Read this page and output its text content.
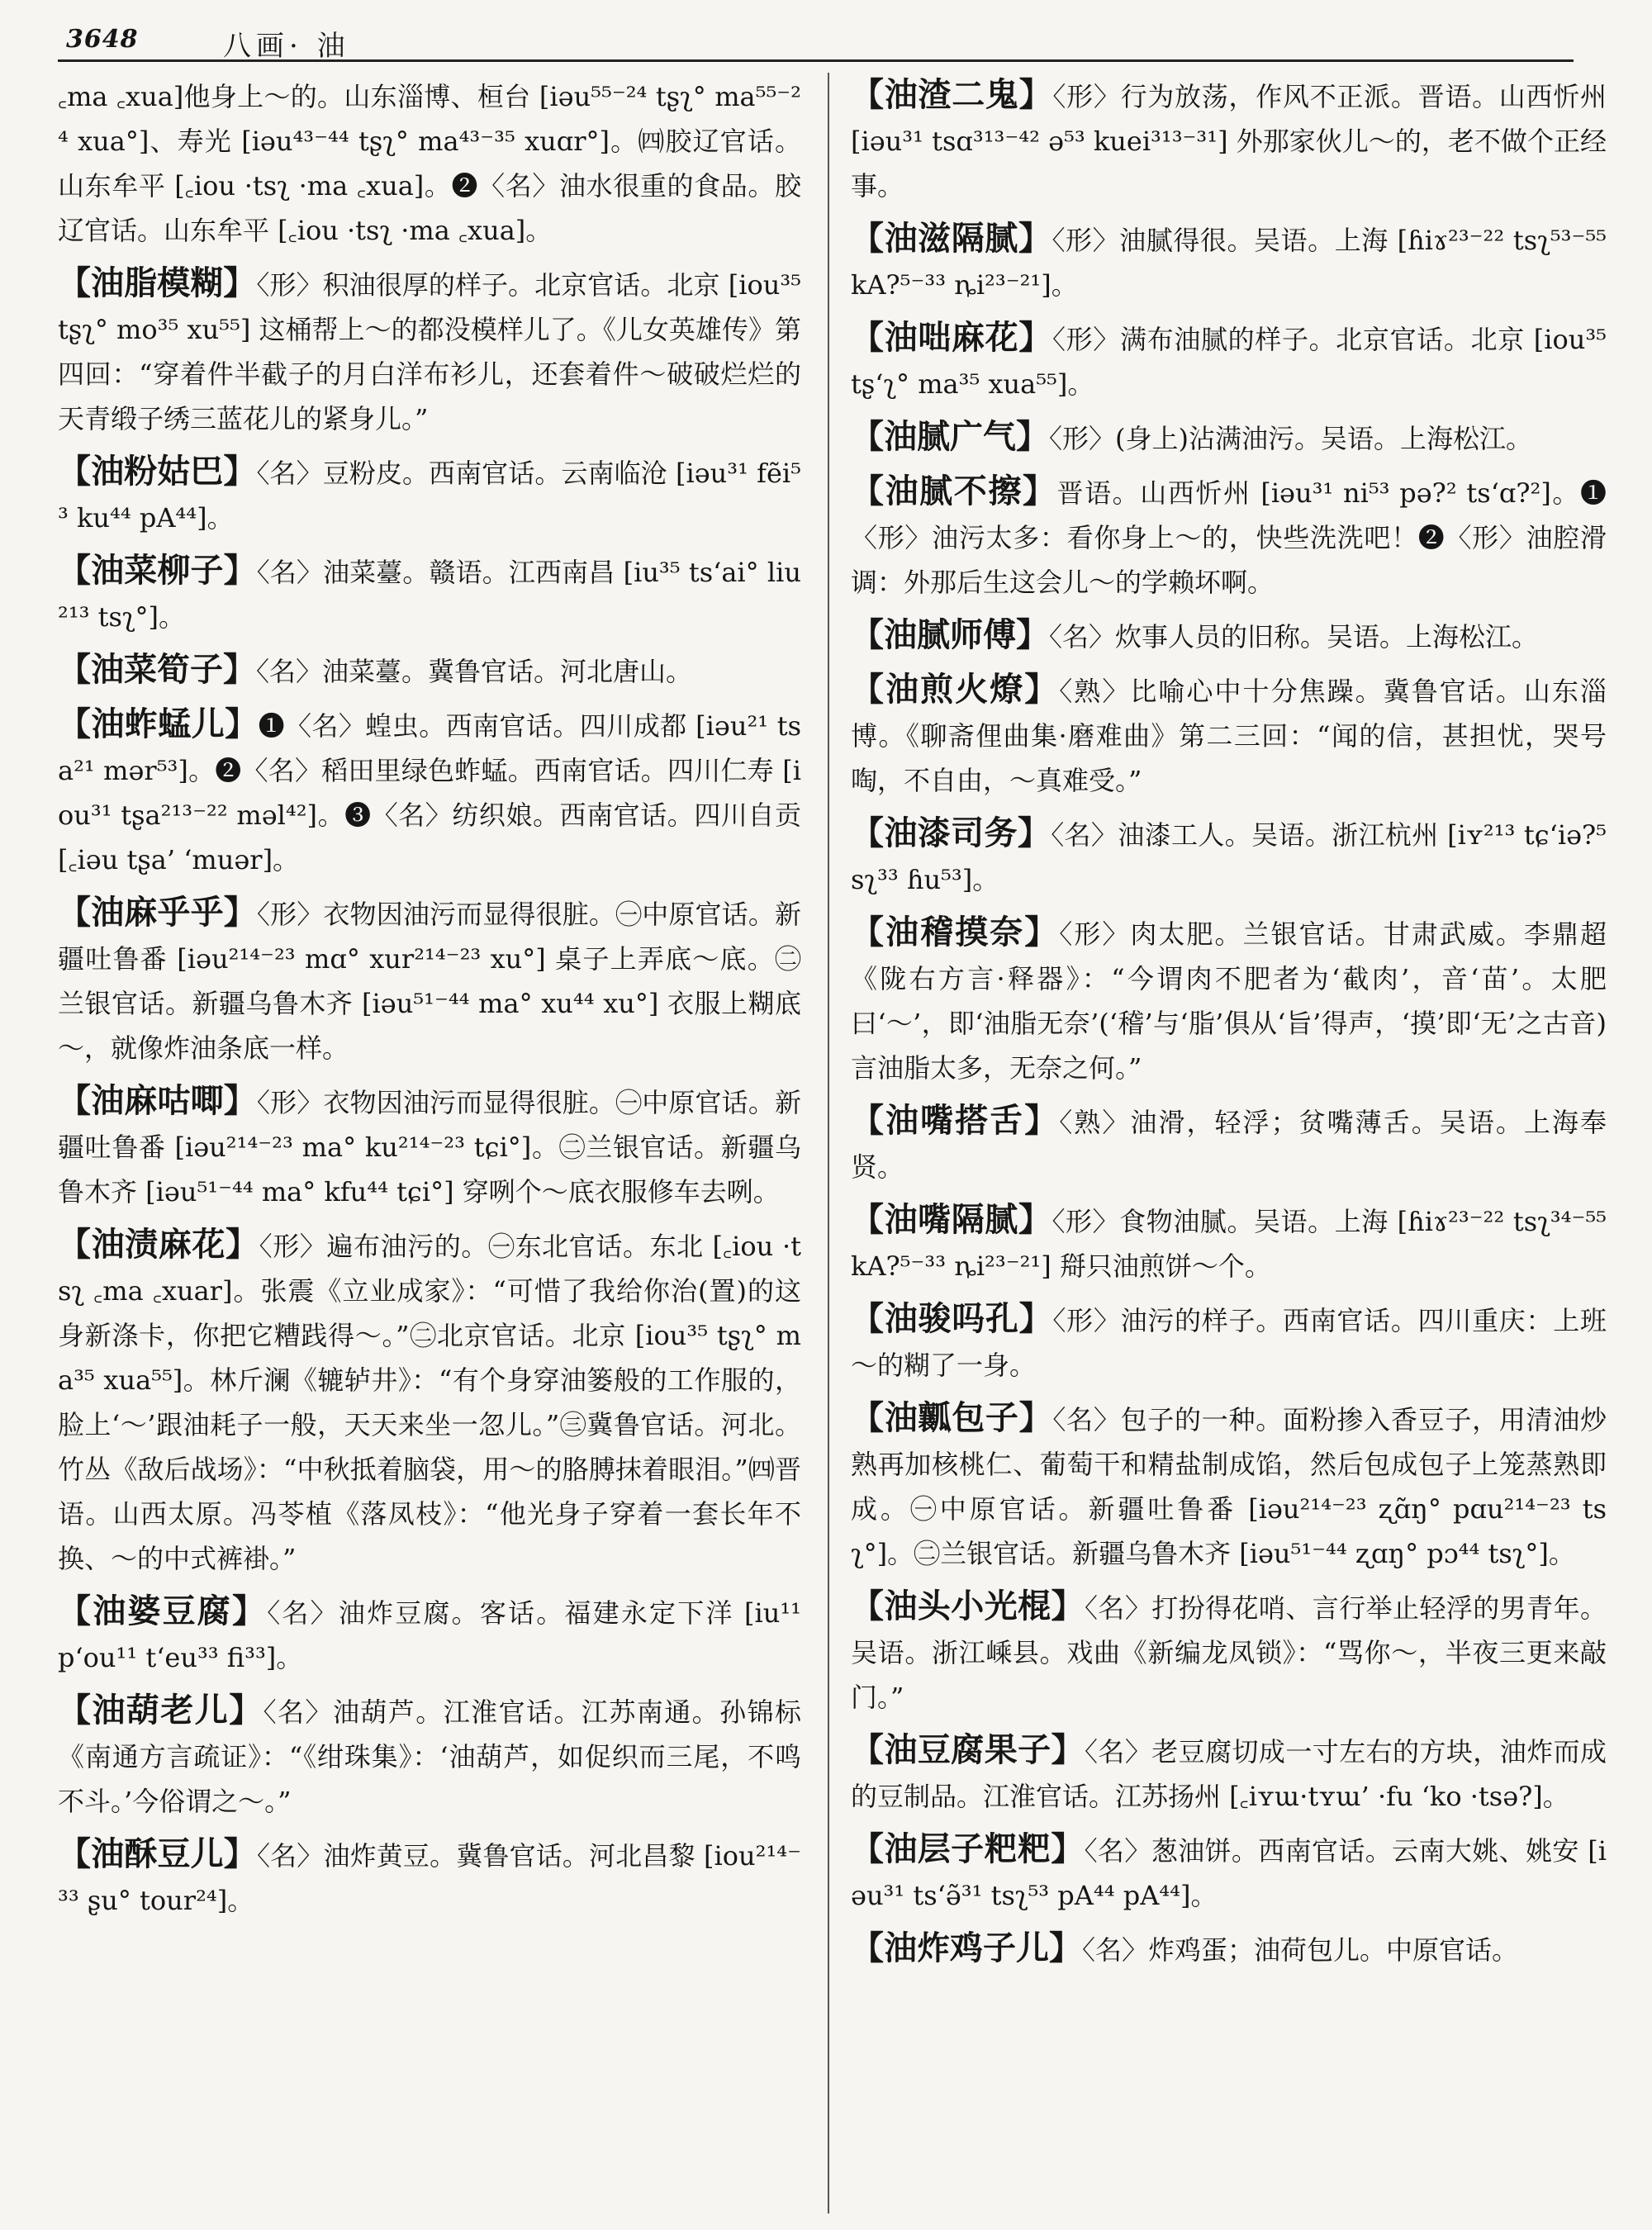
3648	八画· 油

꜀ma ꜀xua]他身上～的。山东淄博、桓台 [iəu⁵⁵⁻²⁴ tʂʅ° ma⁵⁵⁻²⁴ xua°]、寿光 [iəu⁴³⁻⁴⁴ tʂʅ° ma⁴³⁻³⁵ xuɑr°]。㈣胶辽官话。山东牟平 [꜀iou ·tsʅ ·ma ꜀xua]。❷〈名〉油水很重的食品。胶辽官话。山东牟平 [꜀iou ·tsʅ ·ma ꜀xua]。

【油脂模糊】〈形〉积油很厚的样子。北京官话。北京 [iou³⁵ tʂʅ° mo³⁵ xu⁵⁵] 这桶帮上～的都没模样儿了。《儿女英雄传》第四回：“穿着件半截子的月白洋布衫儿，还套着件～破破烂烂的天青缎子绣三蓝花儿的紧身儿。”

【油粉姑巴】〈名〉豆粉皮。西南官话。云南临沧 [iəu³¹ fẽi⁵³ ku⁴⁴ pA⁴⁴]。

【油菜柳子】〈名〉油菜薹。赣语。江西南昌 [iu³⁵ ts‘ai° liu²¹³ tsʅ°]。

【油菜筍子】〈名〉油菜薹。冀鲁官话。河北唐山。

【油蚱蜢儿】❶〈名〉蝗虫。西南官话。四川成都 [iəu²¹ tsa²¹ mər⁵³]。❷〈名〉稻田里绿色蚱蜢。西南官话。四川仁寿 [iou³¹ tʂa²¹³⁻²² məl⁴²]。❸〈名〉纺织娘。西南官话。四川自贡 [꜀iəu tʂa’ ‘muər]。

【油麻乎乎】〈形〉衣物因油污而显得很脏。㊀中原官话。新疆吐鲁番 [iəu²¹⁴⁻²³ mɑ° xur²¹⁴⁻²³ xu°] 桌子上弄底～底。㊁兰银官话。新疆乌鲁木齐 [iəu⁵¹⁻⁴⁴ ma° xu⁴⁴ xu°] 衣服上糊底～，就像炸油条底一样。

【油麻咕唧】〈形〉衣物因油污而显得很脏。㊀中原官话。新疆吐鲁番 [iəu²¹⁴⁻²³ ma° ku²¹⁴⁻²³ tɕi°]。㊁兰银官话。新疆乌鲁木齐 [iəu⁵¹⁻⁴⁴ ma° kfu⁴⁴ tɕi°] 穿咧个～底衣服修车去咧。

【油渍麻花】〈形〉遍布油污的。㊀东北官话。东北 [꜀iou ·tsʅ ꜀ma ꜀xuar]。张震《立业成家》：“可惜了我给你治(置)的这身新涤卡，你把它糟践得～。”㊁北京官话。北京 [iou³⁵ tʂʅ° ma³⁵ xua⁵⁵]。林斤澜《辘轳井》：“有个身穿油篓般的工作服的，脸上‘～’跟油耗子一般，天天来坐一忽儿。”㊂冀鲁官话。河北。竹丛《敌后战场》：“中秋抵着脑袋，用～的胳膊抹着眼泪。”㈣晋语。山西太原。冯苓植《落凤枝》：“他光身子穿着一套长年不换、～的中式裤褂。”

【油婆豆腐】〈名〉油炸豆腐。客话。福建永定下洋 [iu¹¹ p‘ou¹¹ t‘eu³³ fi³³]。

【油葫老儿】〈名〉油葫芦。江淮官话。江苏南通。孙锦标《南通方言疏证》：“《绀珠集》：‘油葫芦，如促织而三尾，不鸣不斗。’今俗谓之～。”

【油酥豆儿】〈名〉油炸黄豆。冀鲁官话。河北昌黎 [iou²¹⁴⁻³³ ʂu° tour²⁴]。

【油渣二鬼】〈形〉行为放荡，作风不正派。晋语。山西忻州 [iəu³¹ tsɑ³¹³⁻⁴² ə⁵³ kuei³¹³⁻³¹] 外那家伙儿～的，老不做个正经事。

【油滋隔腻】〈形〉油腻得很。吴语。上海 [ɦiɤ²³⁻²² tsʅ⁵³⁻⁵⁵ kA?⁵⁻³³ ȵi²³⁻²¹]。

【油咄麻花】〈形〉满布油腻的样子。北京官话。北京 [iou³⁵ tʂ‘ʅ° ma³⁵ xua⁵⁵]。

【油腻广气】〈形〉(身上)沾满油污。吴语。上海松江。

【油腻不擦】晋语。山西忻州 [iəu³¹ ni⁵³ pə?² ts‘ɑ?²]。❶〈形〉油污太多：看你身上～的，快些洗洗吧！❷〈形〉油腔滑调：外那后生这会儿～的学赖坏啊。

【油腻师傅】〈名〉炊事人员的旧称。吴语。上海松江。

【油煎火燎】〈熟〉比喻心中十分焦躁。冀鲁官话。山东淄博。《聊斋俚曲集·磨难曲》第二三回：“闻的信，甚担忧，哭号啕，不自由，～真难受。”

【油漆司务】〈名〉油漆工人。吴语。浙江杭州 [iʏ²¹³ tɕ‘iə?⁵ sʅ³³ ɦu⁵³]。

【油稽摸奈】〈形〉肉太肥。兰银官话。甘肃武威。李鼎超《陇右方言·释器》：“今谓肉不肥者为‘截肉’，音‘苗’。太肥曰‘～’，即‘油脂无奈’(‘稽’与‘脂’俱从‘旨’得声，‘摸’即‘无’之古音)言油脂太多，无奈之何。”

【油嘴搭舌】〈熟〉油滑，轻浮；贫嘴薄舌。吴语。上海奉贤。

【油嘴隔腻】〈形〉食物油腻。吴语。上海 [ɦiɤ²³⁻²² tsʅ³⁴⁻⁵⁵ kA?⁵⁻³³ ȵi²³⁻²¹] 搿只油煎饼～个。

【油骏吗孔】〈形〉油污的样子。西南官话。四川重庆：上班～的糊了一身。

【油瓤包子】〈名〉包子的一种。面粉掺入香豆子，用清油炒熟再加核桃仁、葡萄干和精盐制成馅，然后包成包子上笼蒸熟即成。㊀中原官话。新疆吐鲁番 [iəu²¹⁴⁻²³ ʐɑ̃ŋ° pɑu²¹⁴⁻²³ tsʅ°]。㊁兰银官话。新疆乌鲁木齐 [iəu⁵¹⁻⁴⁴ ʐɑŋ° pɔ⁴⁴ tsʅ°]。

【油头小光棍】〈名〉打扮得花哨、言行举止轻浮的男青年。吴语。浙江嵊县。戏曲《新编龙凤锁》：“骂你～，半夜三更来敲门。”

【油豆腐果子】〈名〉老豆腐切成一寸左右的方块，油炸而成的豆制品。江淮官话。江苏扬州 [꜀iʏɯ·tʏɯ’ ·fu ‘ko ·tsə?]。

【油层子粑粑】〈名〉葱油饼。西南官话。云南大姚、姚安 [iəu³¹ ts‘ə̃³¹ tsʅ⁵³ pA⁴⁴ pA⁴⁴]。

【油炸鸡子儿】〈名〉炸鸡蛋；油荷包儿。中原官话。
